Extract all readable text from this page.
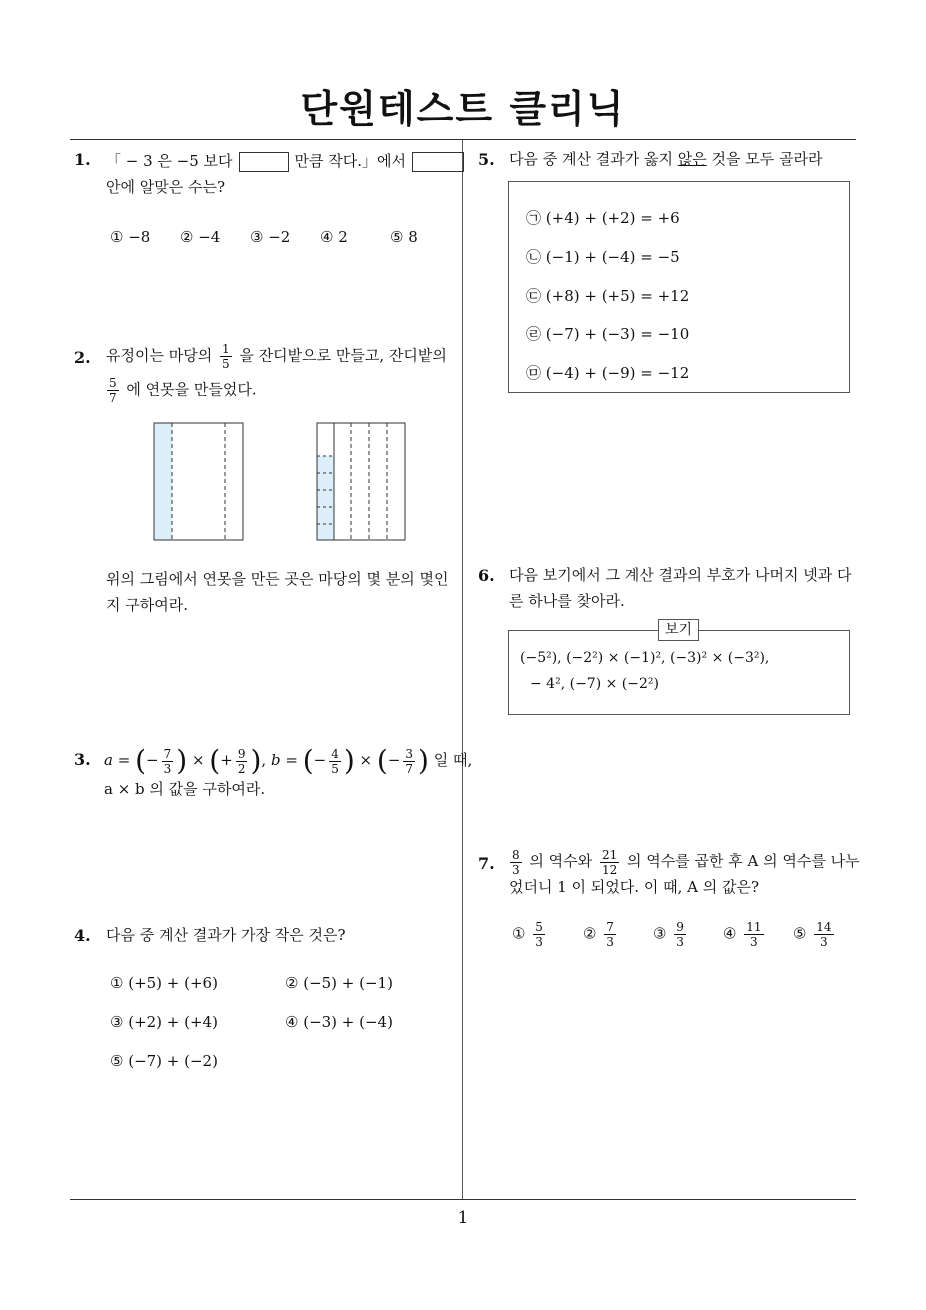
단원테스트 클리닉
1. 「 − 3 은 −5 보다	만큼 작다.」에서
안에 알맞은 수는?
① −8 ② −4 ③ −2 ④ 2	⑤ 8
2. 유정이는 마당의 $\frac{1}{5}$ 을 잔디밭으로 만들고, 잔디밭의
$\frac{5}{7}$ 에 연못을 만들었다.
위의 그림에서 연못을 만든 곳은 마당의 몇 분의 몇인
지 구하여라.
3. a = (− $\frac{7}{3}$ ) × (+ $\frac{9}{2}$ ), b = (− $\frac{4}{5}$ ) × (− $\frac{3}{7}$ ) 일 때,
a × b 의 값을 구하여라.
4. 다음 중 계산 결과가 가장 작은 것은?
① (+5) + (+6)	② (−5) + (−1)
③ (+2) + (+4)	④ (−3) + (−4)
⑤ (−7) + (−2)
5. 다음 중 계산 결과가 옳지 않은 것을 모두 골라라
㉠ (+4) + (+2) = +6
㉡ (−1) + (−4) = −5
㉢ (+8) + (+5) = +12
㉣ (−7) + (−3) = −10
㉤ (−4) + (−9) = −12
6. 다음 보기에서 그 계산 결과의 부호가 나머지 넷과 다
른 하나를 찾아라.
보기
(−5²), (−2²) × (−1)², (−3)² × (−3²),
− 4², (−7) × (−2²)
7. $\frac{8}{3}$ 의 역수와 $\frac{21}{12}$ 의 역수를 곱한 후 A 의 역수를 나누
었더니 1 이 되었다. 이 때, A 의 값은?
① $\frac{5}{3}$	② $\frac{7}{3}$ ③ $\frac{9}{3}$ ④ $\frac{11}{3}$ ⑤ $\frac{14}{3}$
1
